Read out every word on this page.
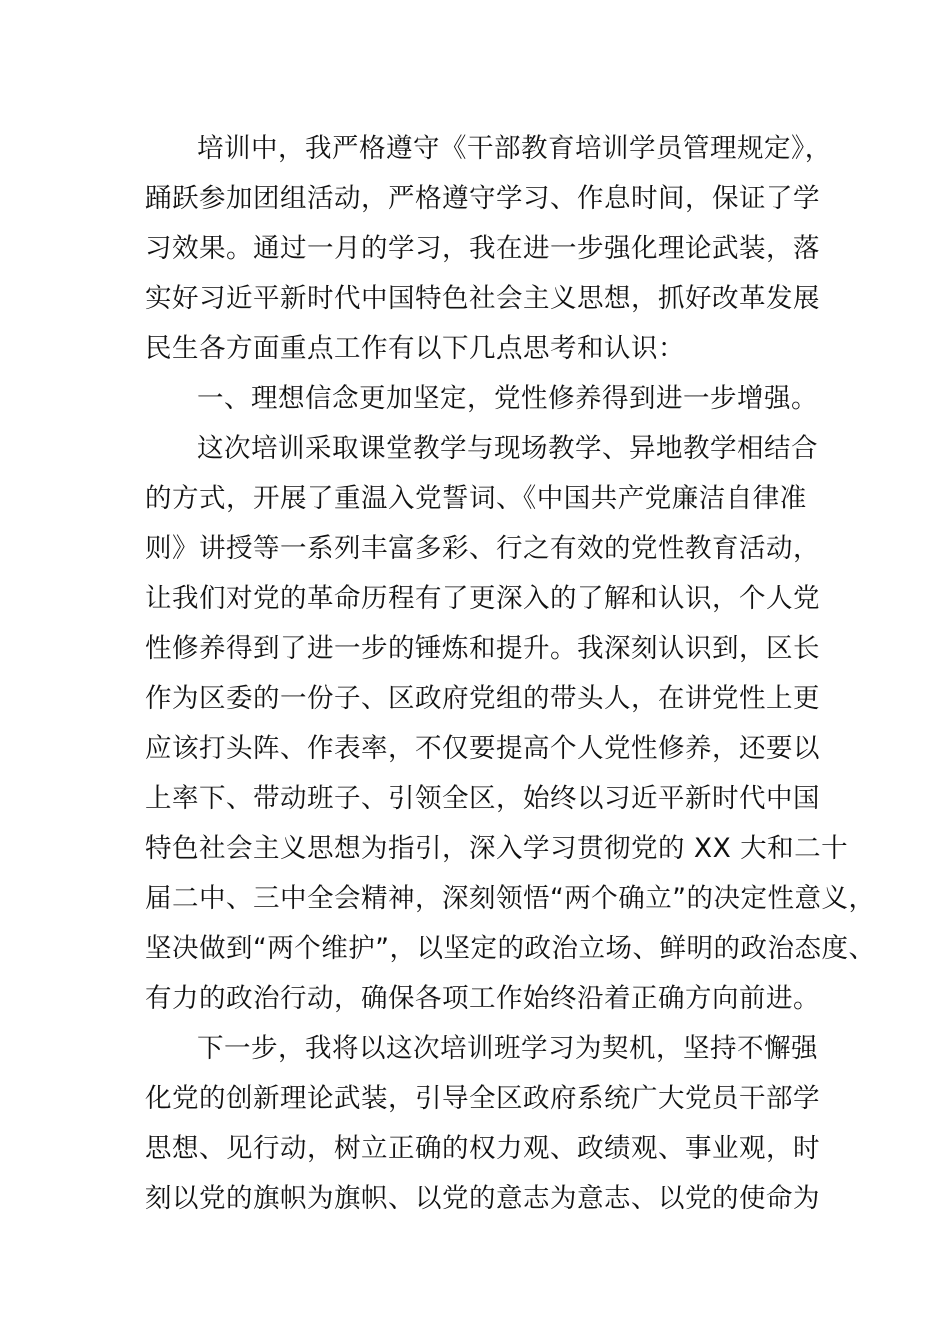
培训中，我严格遵守《干部教育培训学员管理规定》，
踊跃参加团组活动，严格遵守学习、作息时间，保证了学
习效果。通过一月的学习，我在进一步强化理论武装，落
实好习近平新时代中国特色社会主义思想，抓好改革发展
民生各方面重点工作有以下几点思考和认识：
一、理想信念更加坚定，党性修养得到进一步增强。
这次培训采取课堂教学与现场教学、异地教学相结合
的方式，开展了重温入党誓词、《中国共产党廉洁自律准
则》讲授等一系列丰富多彩、行之有效的党性教育活动，
让我们对党的革命历程有了更深入的了解和认识，个人党
性修养得到了进一步的锤炼和提升。我深刻认识到，区长
作为区委的一份子、区政府党组的带头人，在讲党性上更
应该打头阵、作表率，不仅要提高个人党性修养，还要以
上率下、带动班子、引领全区，始终以习近平新时代中国
特色社会主义思想为指引，深入学习贯彻党的 XX 大和二十
届二中、三中全会精神，深刻领悟“两个确立”的决定性意义，
坚决做到“两个维护”，以坚定的政治立场、鲜明的政治态度、
有力的政治行动，确保各项工作始终沿着正确方向前进。
下一步，我将以这次培训班学习为契机，坚持不懈强
化党的创新理论武装，引导全区政府系统广大党员干部学
思想、见行动，树立正确的权力观、政绩观、事业观，时
刻以党的旗帜为旗帜、以党的意志为意志、以党的使命为
